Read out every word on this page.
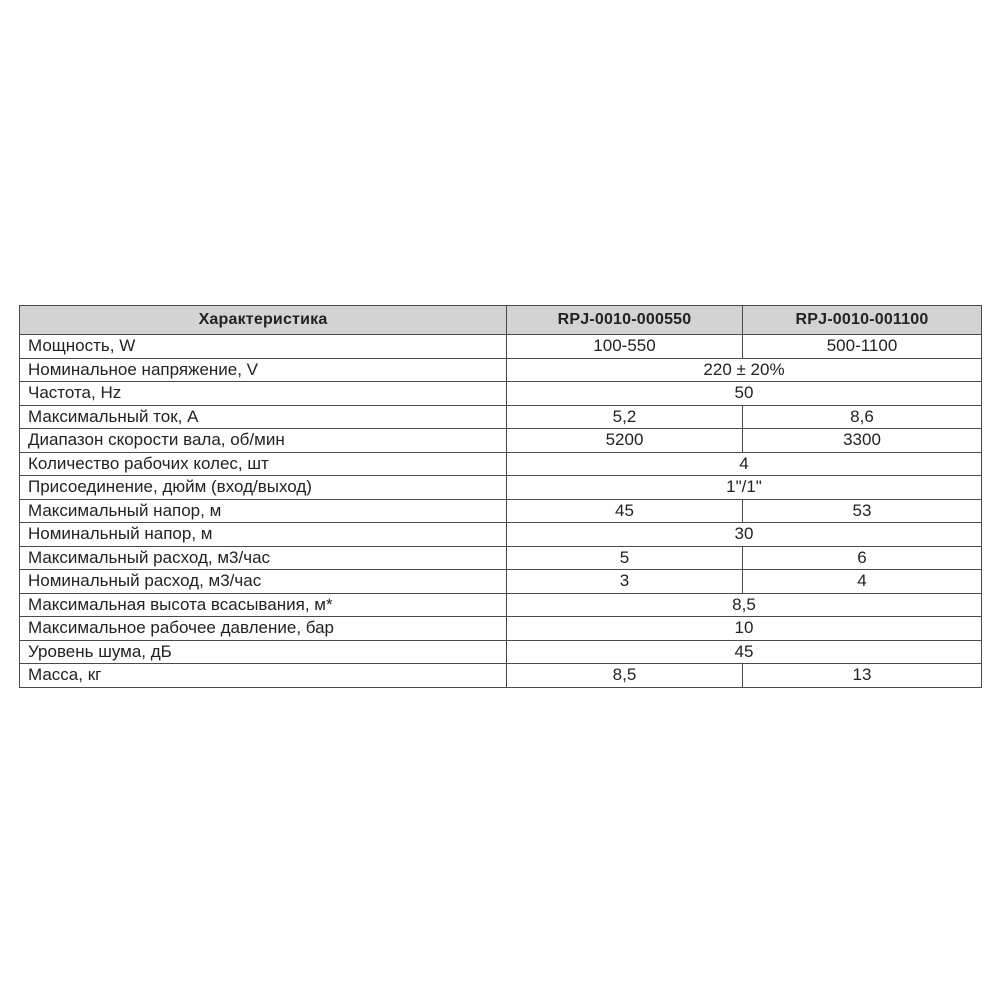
Характеристика	RPJ-0010-000550	RPJ-0010-001100
Мощность, W	100-550	500-1100
Номинальное напряжение, V	220 ± 20%	
Частота, Hz	50	
Максимальный ток, А	5,2	8,6
Диапазон скорости вала, об/мин	5200	3300
Количество рабочих колес, шт	4	
Присоединение, дюйм (вход/выход)	1"/1"	
Максимальный напор, м	45	53
Номинальный напор, м	30	
Максимальный расход, м3/час	5	6
Номинальный расход, м3/час	3	4
Максимальная высота всасывания, м*	8,5	
Максимальное рабочее давление, бар	10	
Уровень шума, дБ	45	
Масса, кг	8,5	13
